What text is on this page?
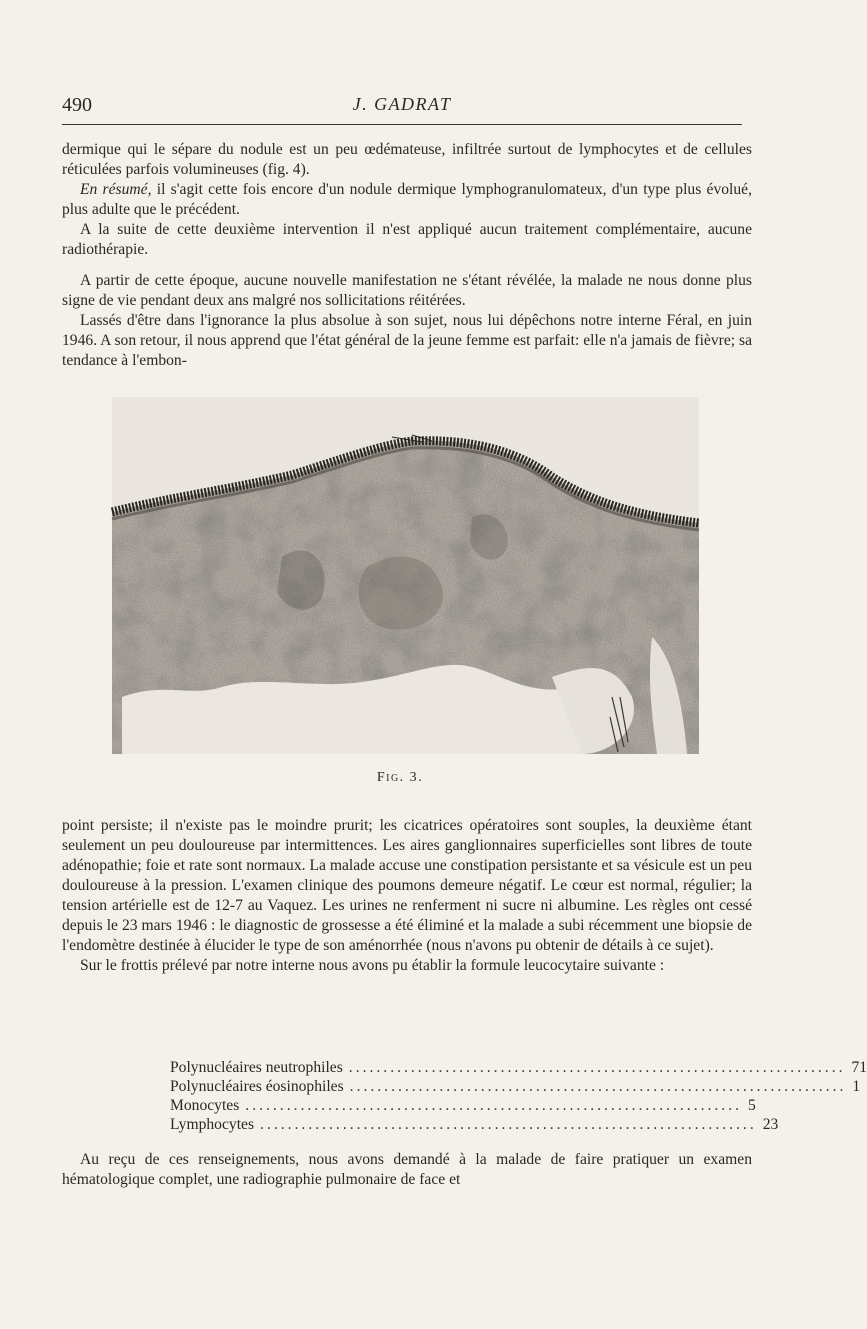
490	J. GADRAT

dermique qui le sépare du nodule est un peu œdémateuse, infiltrée surtout de lymphocytes et de cellules réticulées parfois volumineuses (fig. 4).

En résumé, il s'agit cette fois encore d'un nodule dermique lymphogranulomateux, d'un type plus évolué, plus adulte que le précédent.

A la suite de cette deuxième intervention il n'est appliqué aucun traitement complémentaire, aucune radiothérapie.

A partir de cette époque, aucune nouvelle manifestation ne s'étant révélée, la malade ne nous donne plus signe de vie pendant deux ans malgré nos sollicitations réitérées.

Lassés d'être dans l'ignorance la plus absolue à son sujet, nous lui dépêchons notre interne Féral, en juin 1946. A son retour, il nous apprend que l'état général de la jeune femme est parfait: elle n'a jamais de fièvre; sa tendance à l'embon-

Fig. 3.

point persiste; il n'existe pas le moindre prurit; les cicatrices opératoires sont souples, la deuxième étant seulement un peu douloureuse par intermittences. Les aires ganglionnaires superficielles sont libres de toute adénopathie; foie et rate sont normaux. La malade accuse une constipation persistante et sa vésicule est un peu douloureuse à la pression. L'examen clinique des poumons demeure négatif. Le cœur est normal, régulier; la tension artérielle est de 12-7 au Vaquez. Les urines ne renferment ni sucre ni albumine. Les règles ont cessé depuis le 23 mars 1946 : le diagnostic de grossesse a été éliminé et la malade a subi récemment une biopsie de l'endomètre destinée à élucider le type de son aménorrhée (nous n'avons pu obtenir de détails à ce sujet).

Sur le frottis prélevé par notre interne nous avons pu établir la formule leucocytaire suivante :

Polynucléaires neutrophiles ........................................................................ 71
Polynucléaires éosinophiles ........................................................................ 1
Monocytes ........................................................................ 5
Lymphocytes ........................................................................ 23

Au reçu de ces renseignements, nous avons demandé à la malade de faire pratiquer un examen hématologique complet, une radiographie pulmonaire de face et
